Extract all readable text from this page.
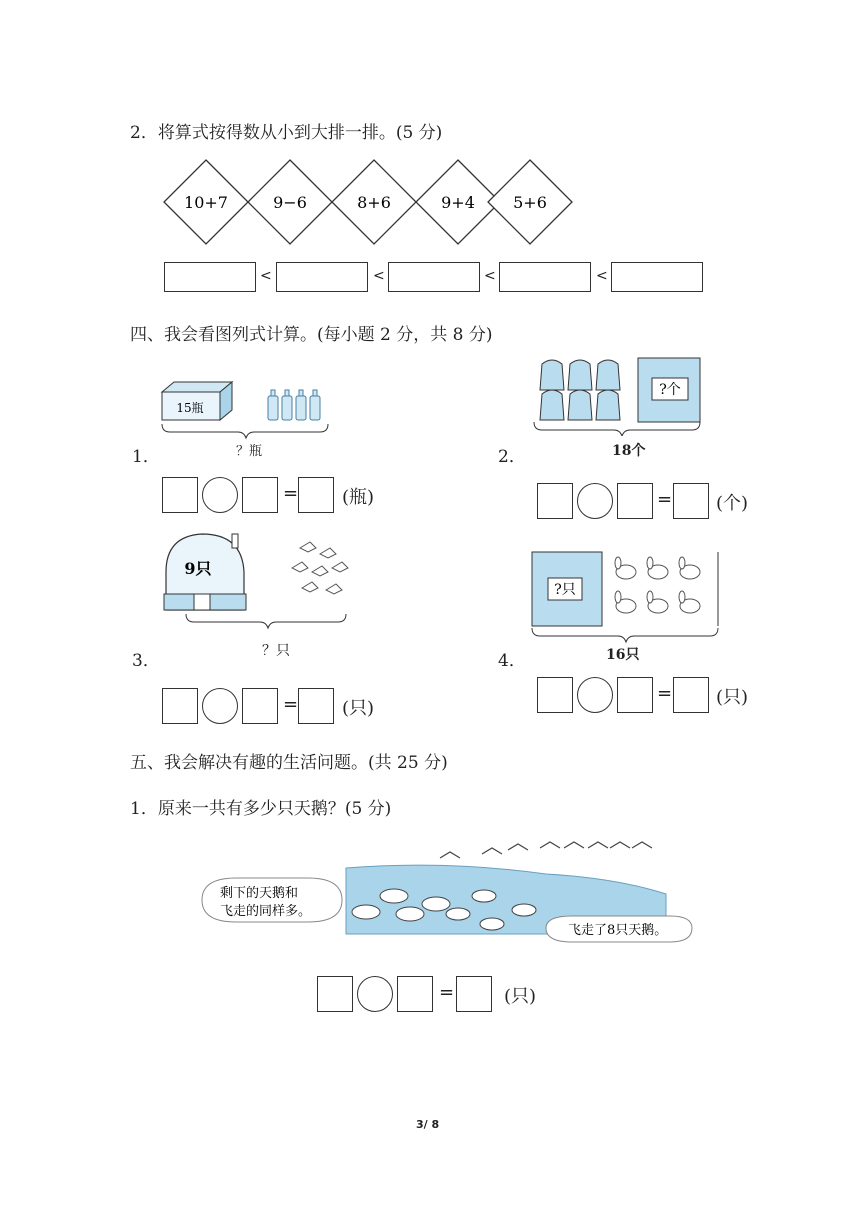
2．将算式按得数从小到大排一排。(5 分)
10+7	9−6	8+6	9+4 5+6
<	<	<	<
四、我会看图列式计算。(每小题 2 分，共 8 分)
15瓶
1．	？瓶
= (瓶)
?个
2．	18个
= (个)
9只
3．	？只
= (只)
?只
4．	16只
= (只)
五、我会解决有趣的生活问题。(共 25 分)
1．原来一共有多少只天鹅？(5 分)
剩下的天鹅和
飞走的同样多。
飞走了8只天鹅。
=	(只)
3/ 8
